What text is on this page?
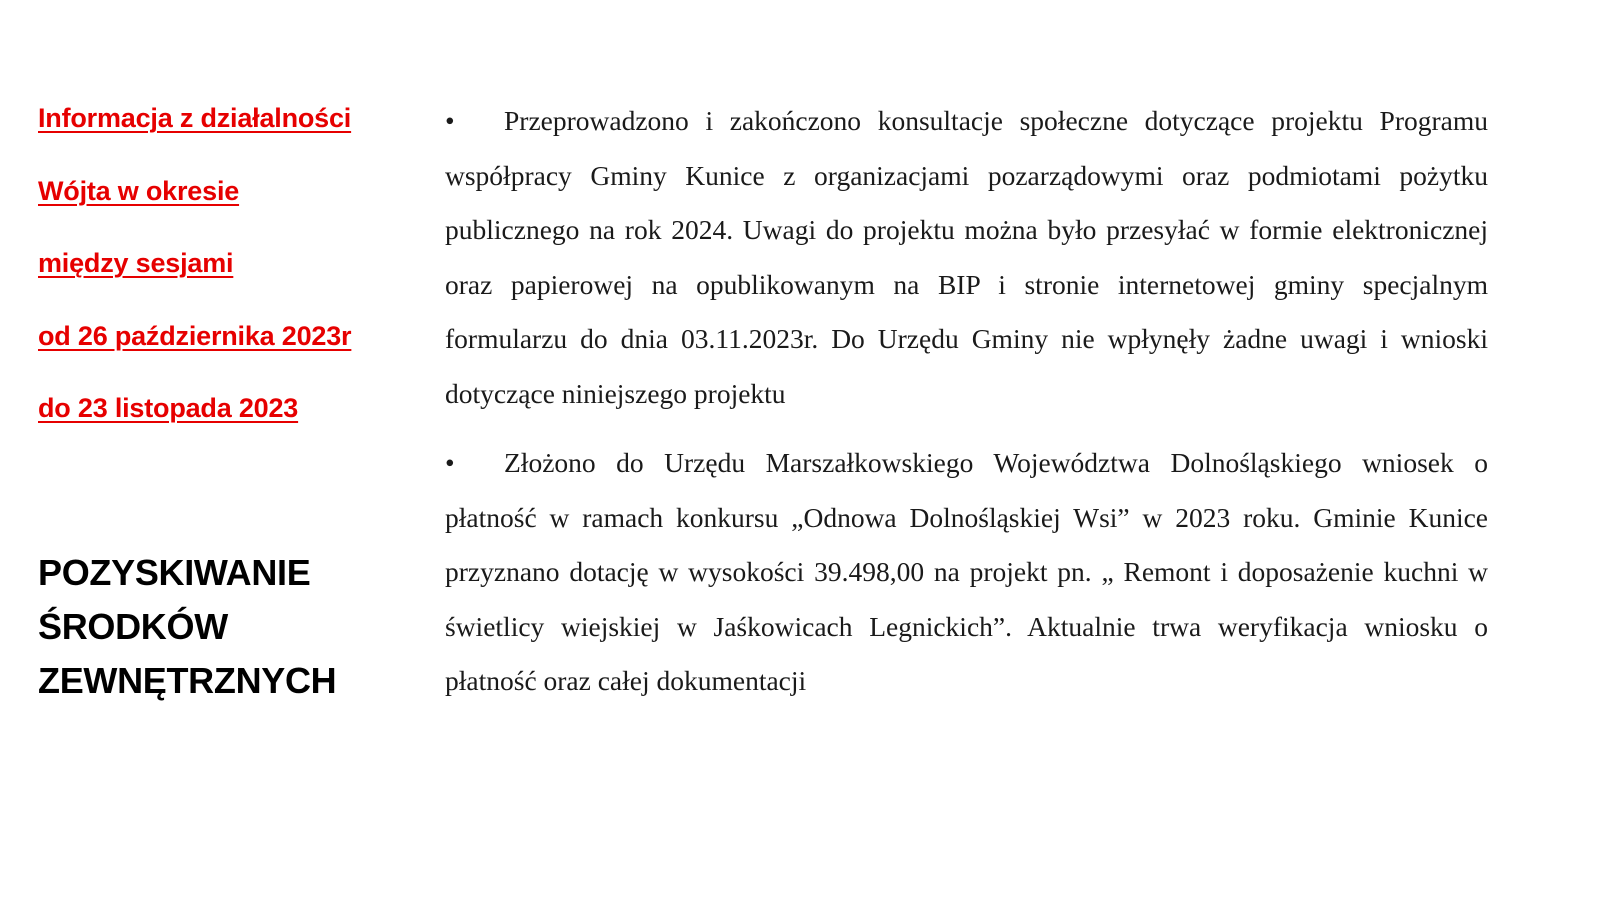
Informacja z działalności
Wójta w okresie
między sesjami
od 26 października 2023r
do 23 listopada 2023
POZYSKIWANIE
ŚRODKÓW
ZEWNĘTRZNYCH

• Przeprowadzono i zakończono konsultacje społeczne dotyczące projektu Programu współpracy Gminy Kunice z organizacjami pozarządowymi oraz podmiotami pożytku publicznego na rok 2024. Uwagi do projektu można było przesyłać w formie elektronicznej oraz papierowej na opublikowanym na BIP i stronie internetowej gminy specjalnym formularzu do dnia 03.11.2023r. Do Urzędu Gminy nie wpłynęły żadne uwagi i wnioski dotyczące niniejszego projektu

• Złożono do Urzędu Marszałkowskiego Województwa Dolnośląskiego wniosek o płatność w ramach konkursu „Odnowa Dolnośląskiej Wsi” w 2023 roku. Gminie Kunice przyznano dotację w wysokości 39.498,00 na projekt pn. „ Remont i doposażenie kuchni w świetlicy wiejskiej w Jaśkowicach Legnickich”. Aktualnie trwa weryfikacja wniosku o płatność oraz całej dokumentacji
